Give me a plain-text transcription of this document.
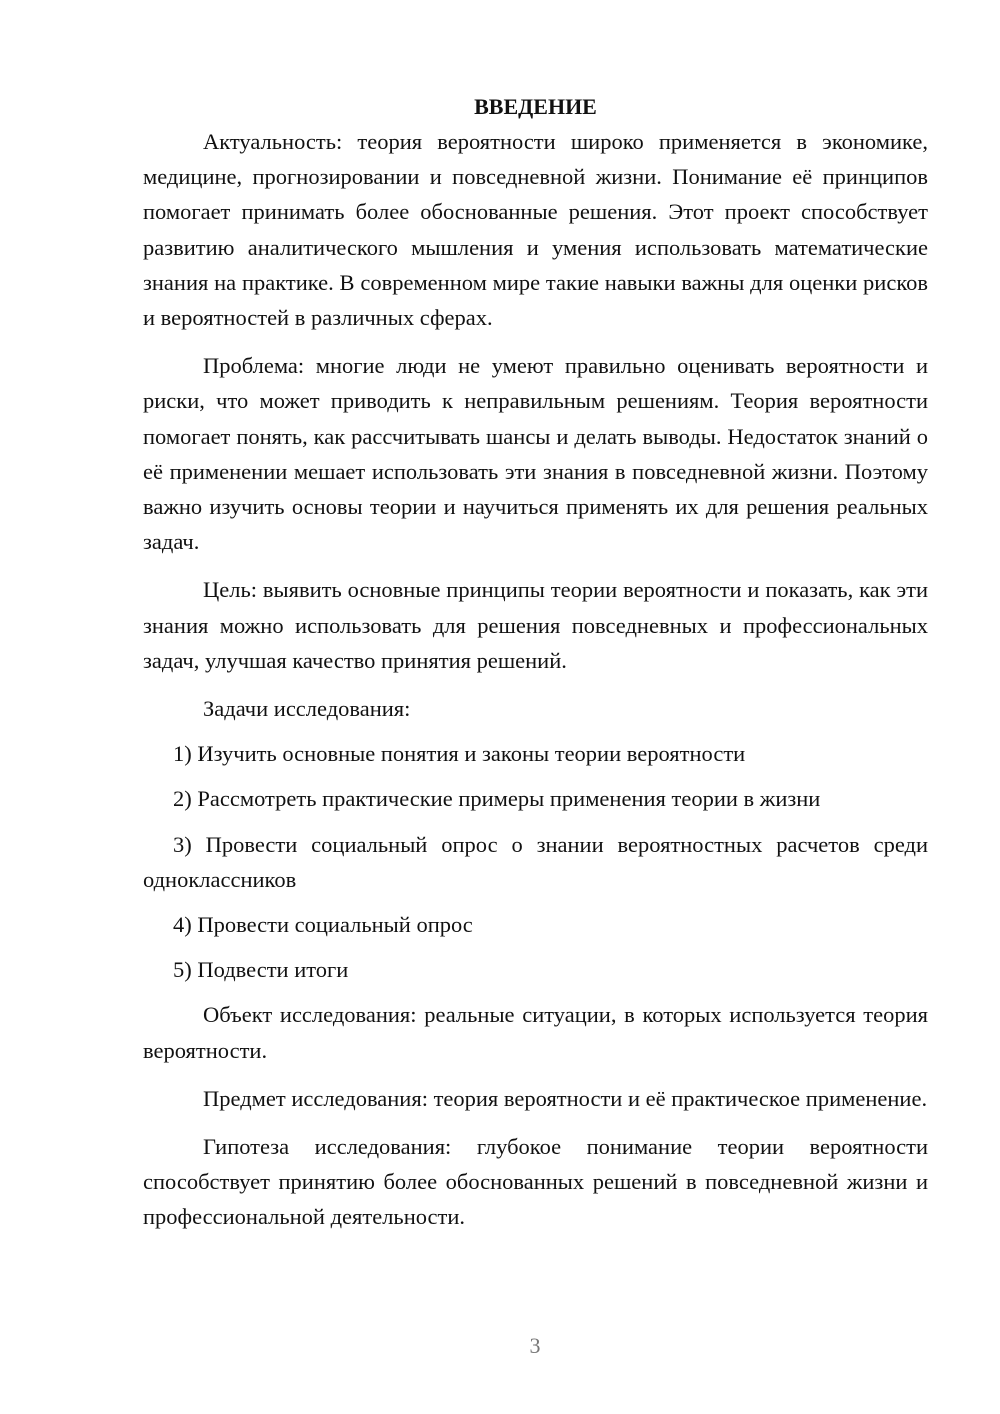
ВВЕДЕНИЕ

Актуальность: теория вероятности широко применяется в экономике, медицине, прогнозировании и повседневной жизни. Понимание её принципов помогает принимать более обоснованные решения. Этот проект способствует развитию аналитического мышления и умения использовать математические знания на практике. В современном мире такие навыки важны для оценки рисков и вероятностей в различных сферах.

Проблема: многие люди не умеют правильно оценивать вероятности и риски, что может приводить к неправильным решениям. Теория вероятности помогает понять, как рассчитывать шансы и делать выводы. Недостаток знаний о её применении мешает использовать эти знания в повседневной жизни. Поэтому важно изучить основы теории и научиться применять их для решения реальных задач.

Цель: выявить основные принципы теории вероятности и показать, как эти знания можно использовать для решения повседневных и профессиональных задач, улучшая качество принятия решений.

Задачи исследования:

1) Изучить основные понятия и законы теории вероятности

2) Рассмотреть практические примеры применения теории в жизни

3) Провести социальный опрос о знании вероятностных расчетов среди одноклассников

4) Провести социальный опрос

5) Подвести итоги

Объект исследования: реальные ситуации, в которых используется теория вероятности.

Предмет исследования: теория вероятности и её практическое применение.

Гипотеза исследования: глубокое понимание теории вероятности способствует принятию более обоснованных решений в повседневной жизни и профессиональной деятельности.

3
